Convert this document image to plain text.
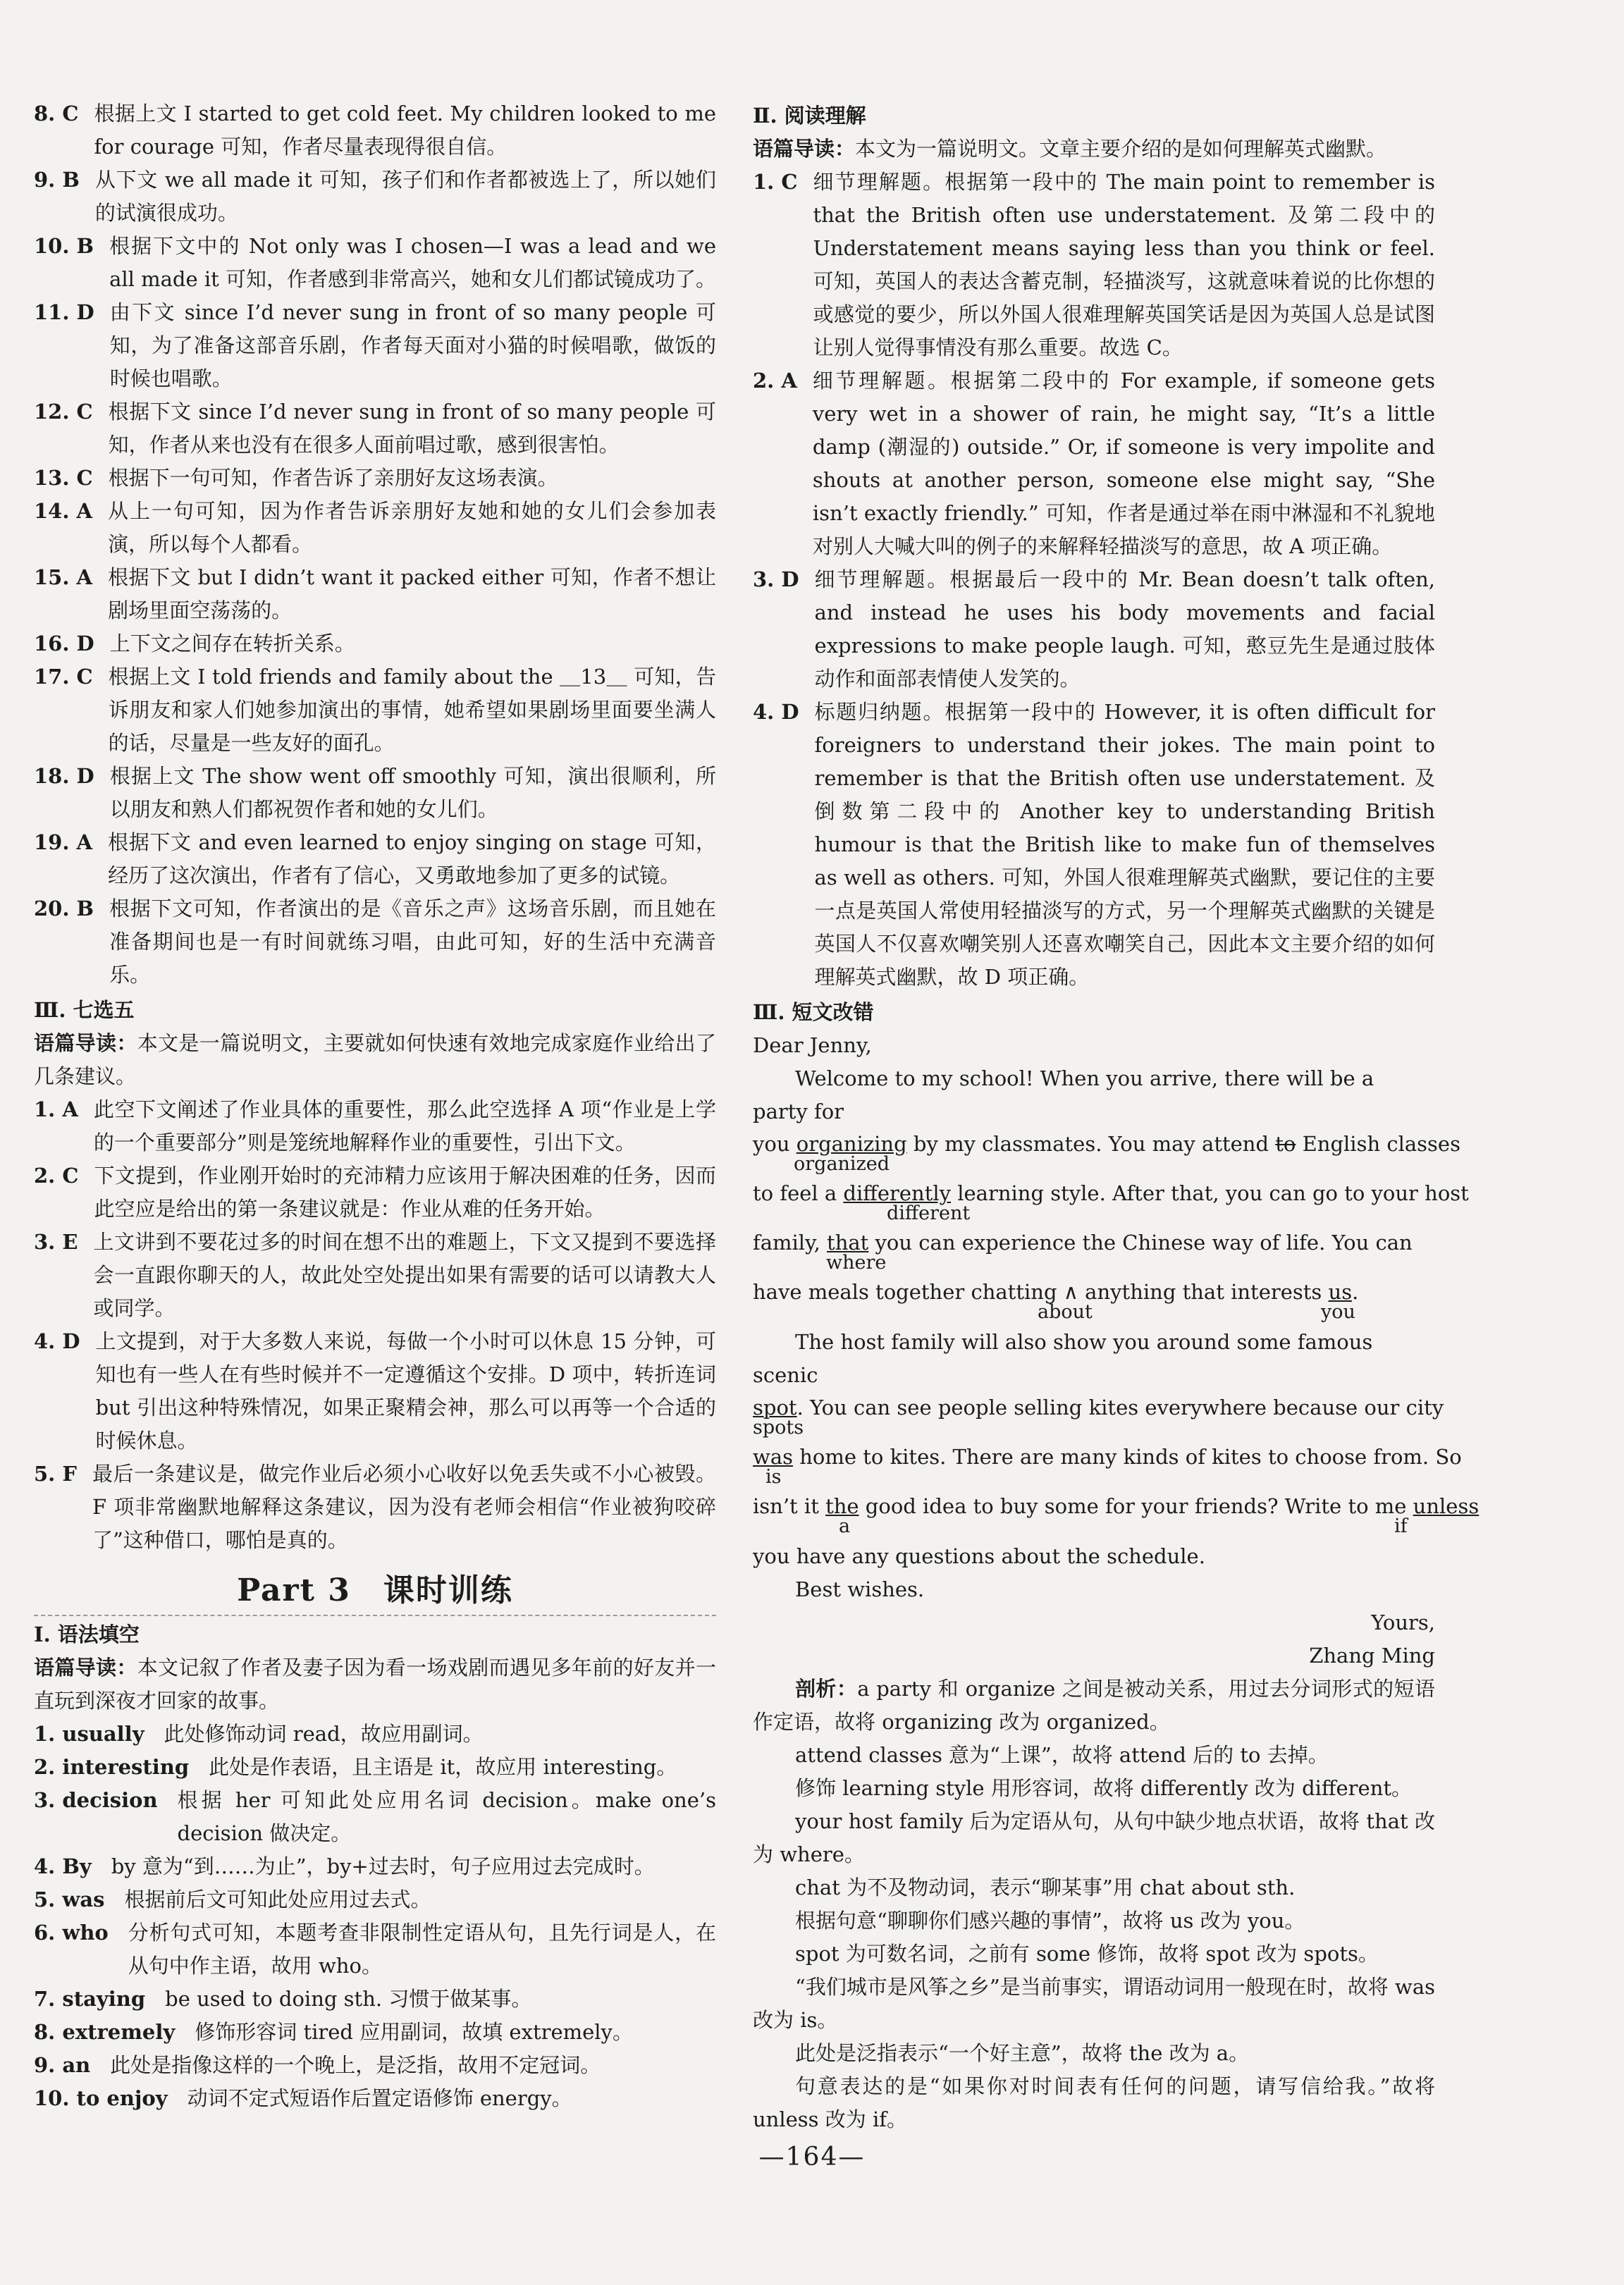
8. C 根据上文 I started to get cold feet. My children looked to me for courage 可知，作者尽量表现得很自信。
9. B 从下文 we all made it 可知，孩子们和作者都被选上了，所以她们的试演很成功。
10. B 根据下文中的 Not only was I chosen—I was a lead and we all made it 可知，作者感到非常高兴，她和女儿们都试镜成功了。
11. D 由下文 since I’d never sung in front of so many people 可知，为了准备这部音乐剧，作者每天面对小猫的时候唱歌，做饭的时候也唱歌。
12. C 根据下文 since I’d never sung in front of so many people 可知，作者从来也没有在很多人面前唱过歌，感到很害怕。
13. C 根据下一句可知，作者告诉了亲朋好友这场表演。
14. A 从上一句可知，因为作者告诉亲朋好友她和她的女儿们会参加表演，所以每个人都看。
15. A 根据下文 but I didn’t want it packed either 可知，作者不想让剧场里面空荡荡的。
16. D 上下文之间存在转折关系。
17. C 根据上文 I told friends and family about the ＿13＿ 可知，告诉朋友和家人们她参加演出的事情，她希望如果剧场里面要坐满人的话，尽量是一些友好的面孔。
18. D 根据上文 The show went off smoothly 可知，演出很顺利，所以朋友和熟人们都祝贺作者和她的女儿们。
19. A 根据下文 and even learned to enjoy singing on stage 可知，经历了这次演出，作者有了信心，又勇敢地参加了更多的试镜。
20. B 根据下文可知，作者演出的是《音乐之声》这场音乐剧，而且她在准备期间也是一有时间就练习唱，由此可知，好的生活中充满音乐。
Ⅲ. 七选五

语篇导读：本文是一篇说明文，主要就如何快速有效地完成家庭作业给出了几条建议。

1. A 此空下文阐述了作业具体的重要性，那么此空选择 A 项“作业是上学的一个重要部分”则是笼统地解释作业的重要性，引出下文。
2. C 下文提到，作业刚开始时的充沛精力应该用于解决困难的任务，因而此空应是给出的第一条建议就是：作业从难的任务开始。
3. E 上文讲到不要花过多的时间在想不出的难题上，下文又提到不要选择会一直跟你聊天的人，故此处空处提出如果有需要的话可以请教大人或同学。
4. D 上文提到，对于大多数人来说，每做一个小时可以休息 15 分钟，可知也有一些人在有些时候并不一定遵循这个安排。D 项中，转折连词 but 引出这种特殊情况，如果正聚精会神，那么可以再等一个合适的时候休息。
5. F 最后一条建议是，做完作业后必须小心收好以免丢失或不小心被毁。F 项非常幽默地解释这条建议，因为没有老师会相信“作业被狗咬碎了”这种借口，哪怕是真的。
Part 3　课时训练
Ⅰ. 语法填空

语篇导读：本文记叙了作者及妻子因为看一场戏剧而遇见多年前的好友并一直玩到深夜才回家的故事。

1. usually 此处修饰动词 read，故应用副词。
2. interesting 此处是作表语，且主语是 it，故应用 interesting。
3. decision 根据 her 可知此处应用名词 decision。make one’s decision 做决定。
4. By by 意为“到……为止”，by+过去时，句子应用过去完成时。
5. was 根据前后文可知此处应用过去式。
6. who 分析句式可知，本题考查非限制性定语从句，且先行词是人，在从句中作主语，故用 who。
7. staying be used to doing sth. 习惯于做某事。
8. extremely 修饰形容词 tired 应用副词，故填 extremely。
9. an 此处是指像这样的一个晚上，是泛指，故用不定冠词。
10. to enjoy 动词不定式短语作后置定语修饰 energy。
Ⅱ. 阅读理解

语篇导读：本文为一篇说明文。文章主要介绍的是如何理解英式幽默。

1. C 细节理解题。根据第一段中的 The main point to remember is that the British often use understatement. 及第二段中的 Understatement means saying less than you think or feel. 可知，英国人的表达含蓄克制，轻描淡写，这就意味着说的比你想的或感觉的要少，所以外国人很难理解英国笑话是因为英国人总是试图让别人觉得事情没有那么重要。故选 C。
2. A 细节理解题。根据第二段中的 For example, if someone gets very wet in a shower of rain, he might say, “It’s a little damp (潮湿的) outside.” Or, if someone is very impolite and shouts at another person, someone else might say, “She isn’t exactly friendly.” 可知，作者是通过举在雨中淋湿和不礼貌地对别人大喊大叫的例子的来解释轻描淡写的意思，故 A 项正确。
3. D 细节理解题。根据最后一段中的 Mr. Bean doesn’t talk often, and instead he uses his body movements and facial expressions to make people laugh. 可知，憨豆先生是通过肢体动作和面部表情使人发笑的。
4. D 标题归纳题。根据第一段中的 However, it is often difficult for foreigners to understand their jokes. The main point to remember is that the British often use understatement. 及倒数第二段中的 Another key to understanding British humour is that the British like to make fun of themselves as well as others. 可知，外国人很难理解英式幽默，要记住的主要一点是英国人常使用轻描淡写的方式，另一个理解英式幽默的关键是英国人不仅喜欢嘲笑别人还喜欢嘲笑自己，因此本文主要介绍的如何理解英式幽默，故 D 项正确。
Ⅲ. 短文改错
Dear Jenny,
Welcome to my school! When you arrive, there will be a party for
you organizing by my classmates. You may attend to English classes
organized
to feel a differently learning style. After that, you can go to your host
different
family, that you can experience the Chinese way of life. You can
where
have meals together chatting ∧ anything that interests us.
about	you
The host family will also show you around some famous scenic
spot. You can see people selling kites everywhere because our city
spots
was home to kites. There are many kinds of kites to choose from. So
is
isn’t it the good idea to buy some for your friends? Write to me unless
a	if
you have any questions about the schedule.
Best wishes.
Yours,
Zhang Ming

剖析：a party 和 organize 之间是被动关系，用过去分词形式的短语作定语，故将 organizing 改为 organized。

attend classes 意为“上课”，故将 attend 后的 to 去掉。

修饰 learning style 用形容词，故将 differently 改为 different。

your host family 后为定语从句，从句中缺少地点状语，故将 that 改为 where。

chat 为不及物动词，表示“聊某事”用 chat about sth.

根据句意“聊聊你们感兴趣的事情”，故将 us 改为 you。

spot 为可数名词，之前有 some 修饰，故将 spot 改为 spots。

“我们城市是风筝之乡”是当前事实，谓语动词用一般现在时，故将 was 改为 is。

此处是泛指表示“一个好主意”，故将 the 改为 a。

句意表达的是“如果你对时间表有任何的问题，请写信给我。”故将 unless 改为 if。

—164—
